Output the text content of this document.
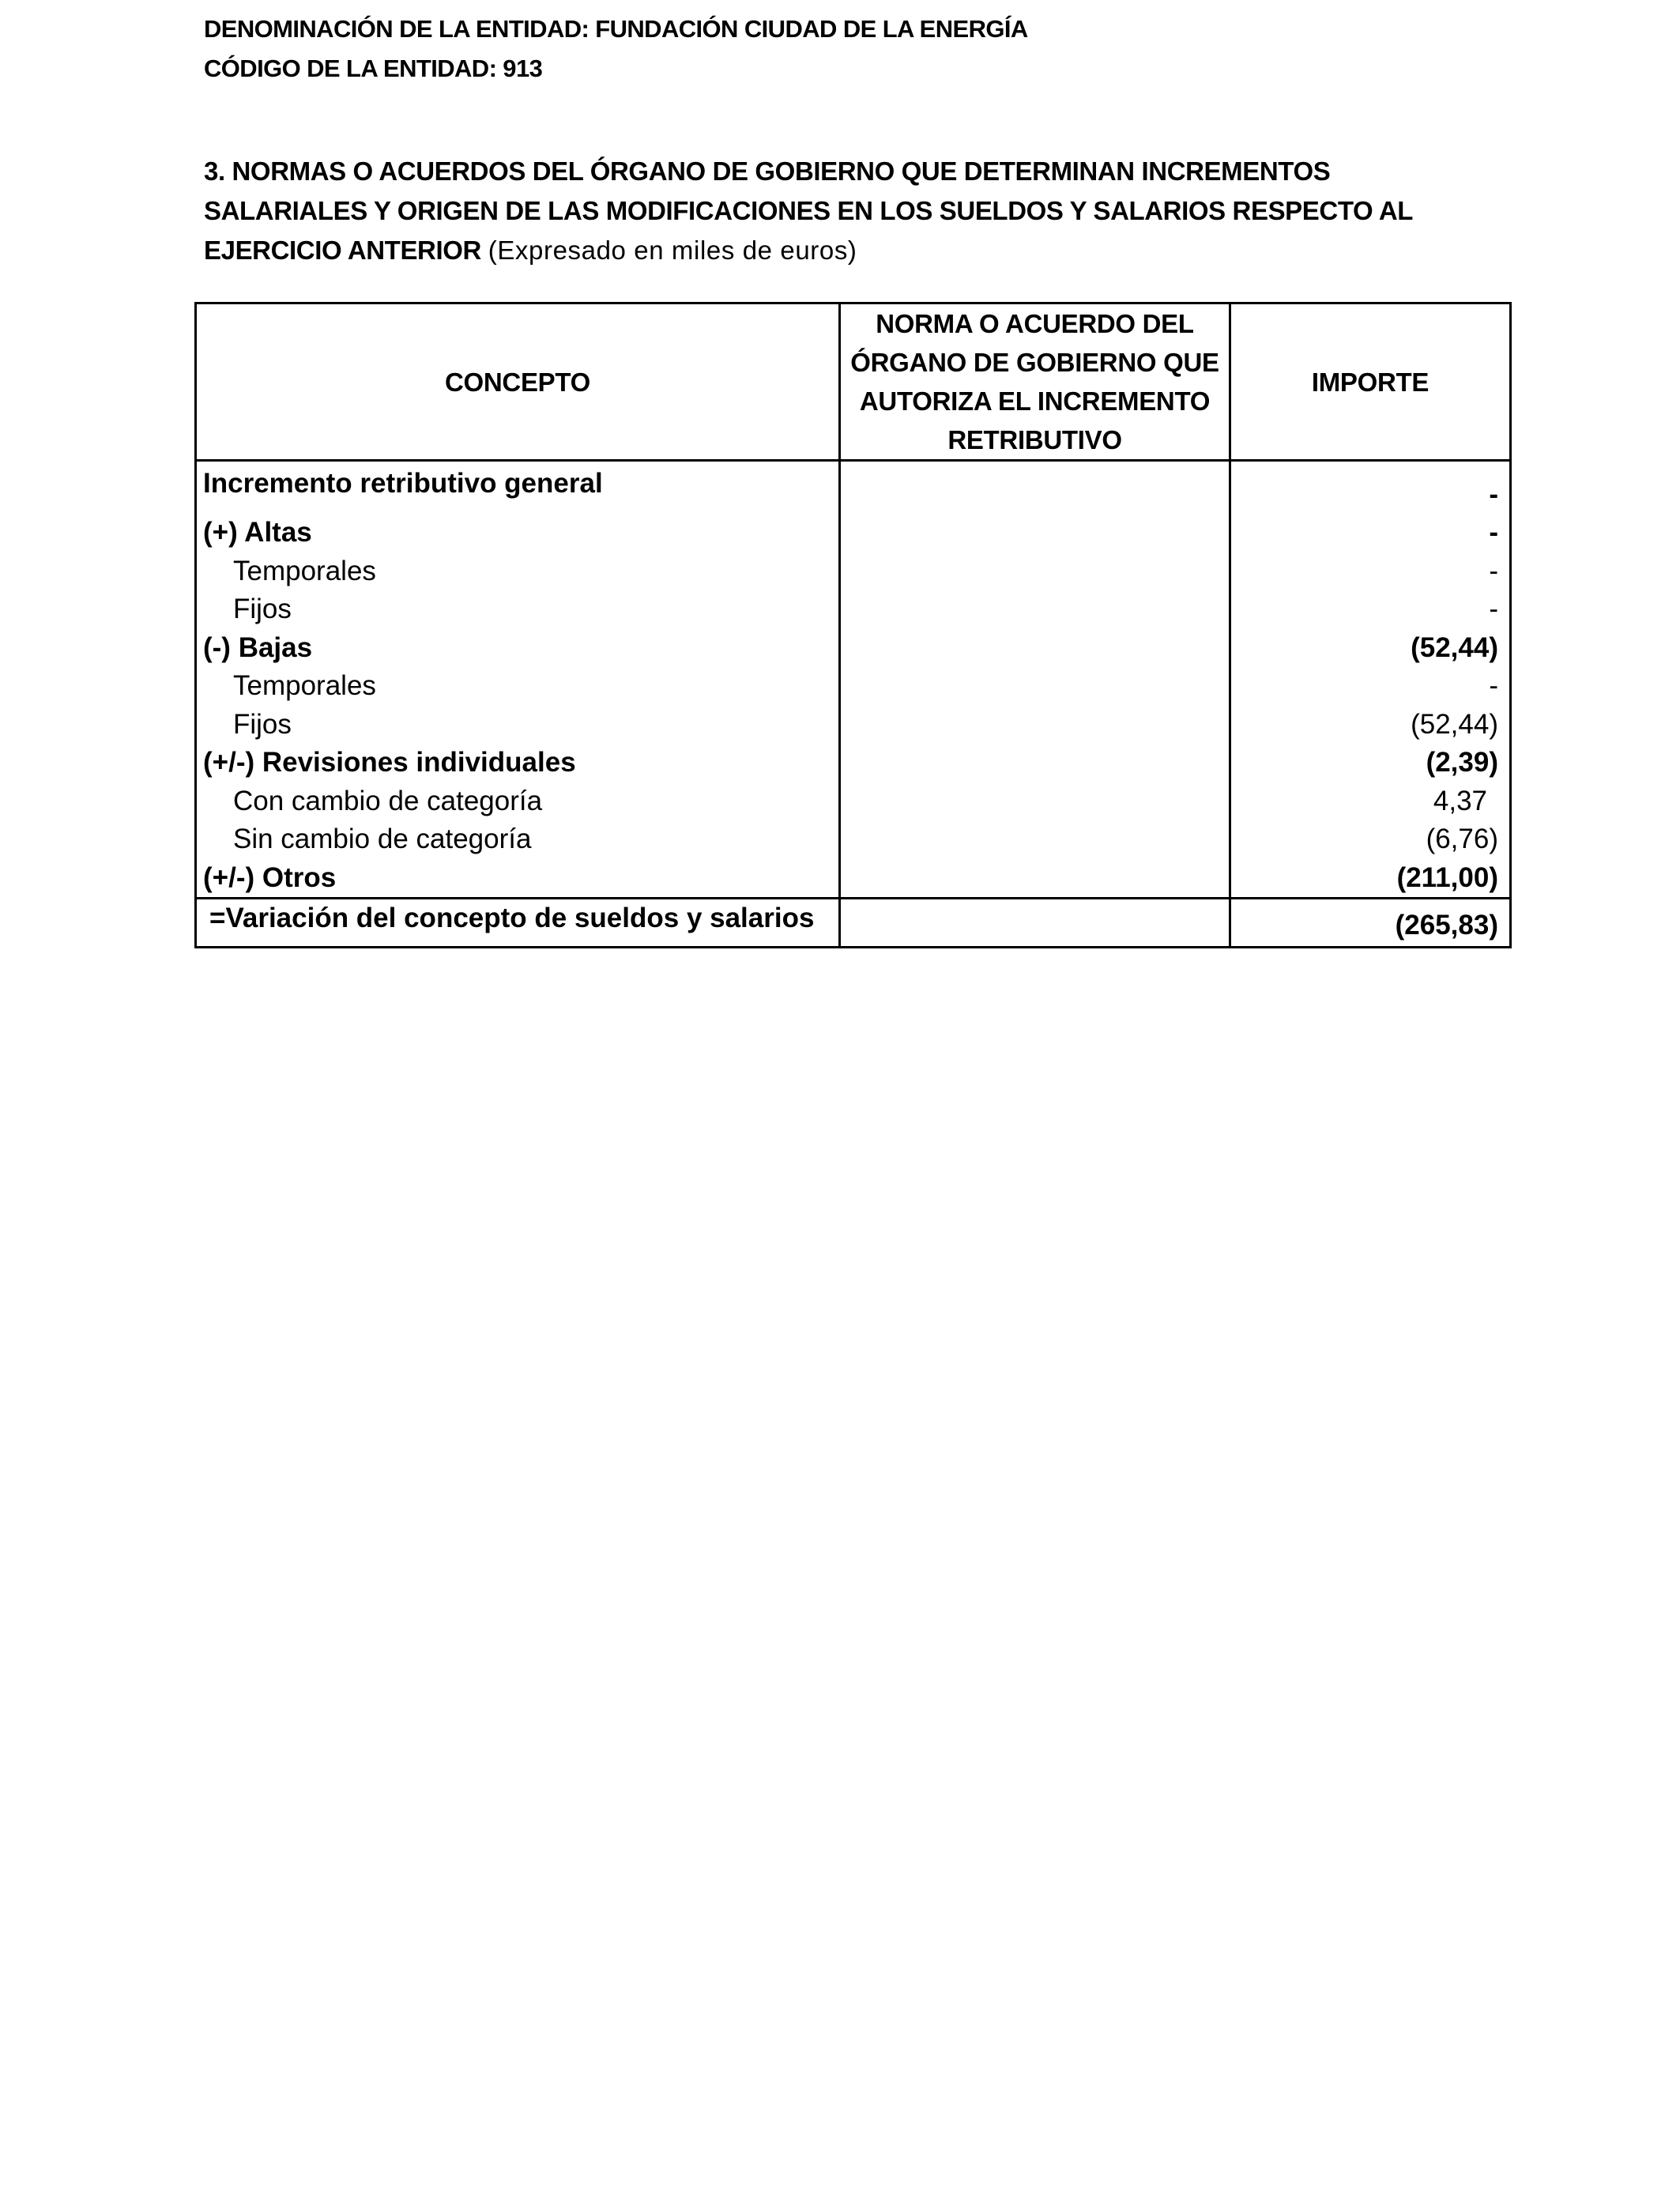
DENOMINACIÓN DE LA ENTIDAD: FUNDACIÓN CIUDAD DE LA ENERGÍA
CÓDIGO DE LA ENTIDAD: 913
3. NORMAS O ACUERDOS DEL ÓRGANO DE GOBIERNO QUE DETERMINAN INCREMENTOS SALARIALES Y ORIGEN DE LAS MODIFICACIONES EN LOS SUELDOS Y SALARIOS RESPECTO AL EJERCICIO ANTERIOR (Expresado en miles de euros)
CONCEPTO	NORMA O ACUERDO DEL ÓRGANO DE GOBIERNO QUE AUTORIZA EL INCREMENTO RETRIBUTIVO	IMPORTE
Incremento retributivo general		-
(+) Altas		-
Temporales		-
Fijos		-
(-) Bajas		(52,44)
Temporales		-
Fijos		(52,44)
(+/-) Revisiones individuales		(2,39)
Con cambio de categoría		4,37
Sin cambio de categoría		(6,76)
(+/-) Otros		(211,00)
=Variación del concepto de sueldos y salarios		(265,83)
